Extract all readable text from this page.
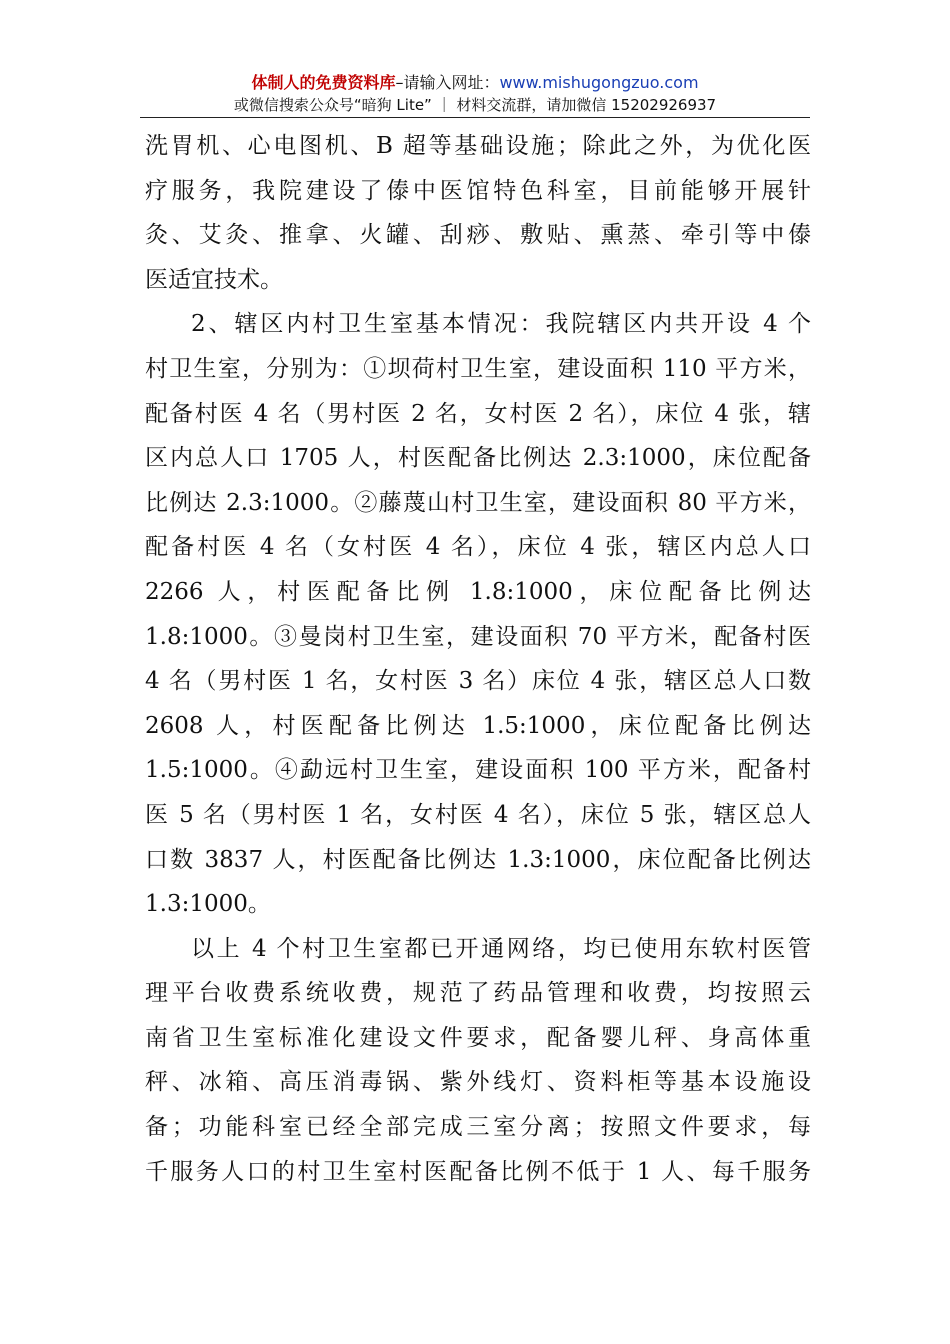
体制人的免费资料库–请输入网址：www.mishugongzuo.com
或微信搜索公众号“暗狗 Lite” ｜ 材料交流群，请加微信 15202926937
洗胃机、心电图机、B 超等基础设施；除此之外，为优化医
疗服务，我院建设了傣中医馆特色科室，目前能够开展针
灸、艾灸、推拿、火罐、刮痧、敷贴、熏蒸、牵引等中傣
医适宜技术。
2、辖区内村卫生室基本情况：我院辖区内共开设 4 个
村卫生室，分别为：①坝荷村卫生室，建设面积 110 平方米，
配备村医 4 名（男村医 2 名，女村医 2 名），床位 4 张，辖
区内总人口 1705 人，村医配备比例达 2.3:1000，床位配备
比例达 2.3:1000。②藤蔑山村卫生室，建设面积 80 平方米，
配备村医 4 名（女村医 4 名），床位 4 张，辖区内总人口
2266 人，村医配备比例 1.8:1000，床位配备比例达
1.8:1000。③曼岗村卫生室，建设面积 70 平方米，配备村医
4 名（男村医 1 名，女村医 3 名）床位 4 张，辖区总人口数
2608 人，村医配备比例达 1.5:1000，床位配备比例达
1.5:1000。④勐远村卫生室，建设面积 100 平方米，配备村
医 5 名（男村医 1 名，女村医 4 名），床位 5 张，辖区总人
口数 3837 人，村医配备比例达 1.3:1000，床位配备比例达
1.3:1000。
以上 4 个村卫生室都已开通网络，均已使用东软村医管
理平台收费系统收费，规范了药品管理和收费，均按照云
南省卫生室标准化建设文件要求，配备婴儿秤、身高体重
秤、冰箱、高压消毒锅、紫外线灯、资料柜等基本设施设
备；功能科室已经全部完成三室分离；按照文件要求，每
千服务人口的村卫生室村医配备比例不低于 1 人、每千服务
